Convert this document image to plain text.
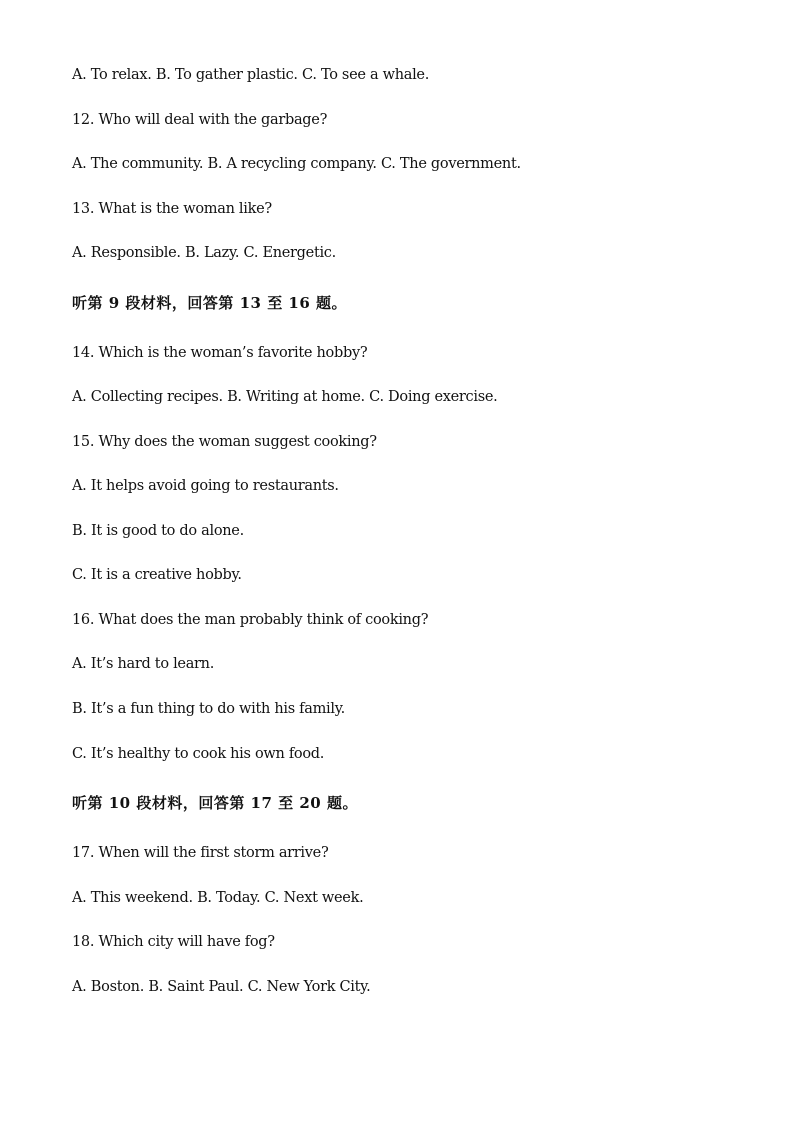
A. To relax. B. To gather plastic. C. To see a whale.
12. Who will deal with the garbage?
A. The community. B. A recycling company. C. The government.
13. What is the woman like?
A. Responsible. B. Lazy. C. Energetic.
听第 9 段材料，回答第 13 至 16 题。
14. Which is the woman’s favorite hobby?
A. Collecting recipes. B. Writing at home. C. Doing exercise.
15. Why does the woman suggest cooking?
A. It helps avoid going to restaurants.
B. It is good to do alone.
C. It is a creative hobby.
16. What does the man probably think of cooking?
A. It’s hard to learn.
B. It’s a fun thing to do with his family.
C. It’s healthy to cook his own food.
听第 10 段材料，回答第 17 至 20 题。
17. When will the first storm arrive?
A. This weekend. B. Today. C. Next week.
18. Which city will have fog?
A. Boston. B. Saint Paul. C. New York City.
